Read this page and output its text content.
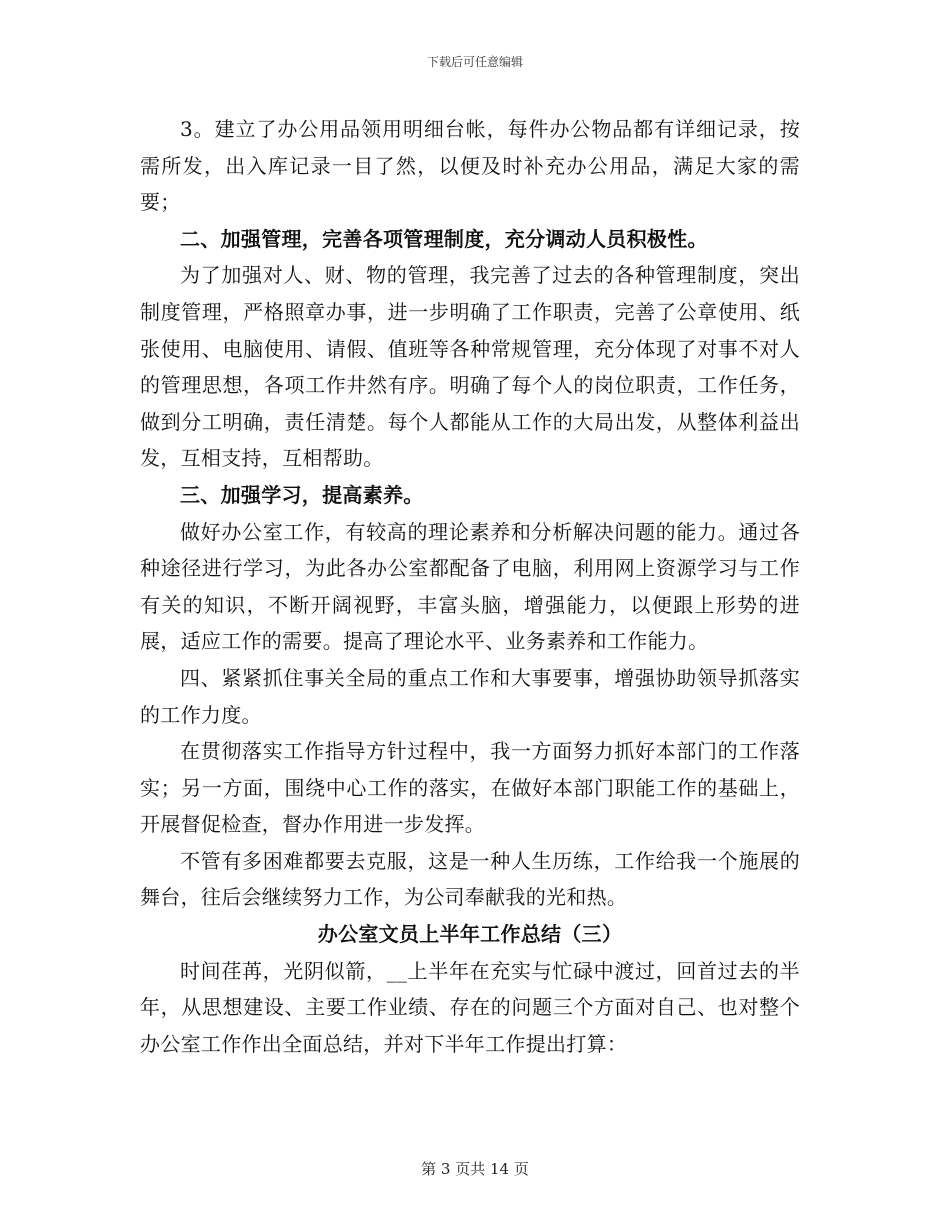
下载后可任意编辑

3。建立了办公用品领用明细台帐，每件办公物品都有详细记录，按需所发，出入库记录一目了然，以便及时补充办公用品，满足大家的需要；

二、加强管理，完善各项管理制度，充分调动人员积极性。

为了加强对人、财、物的管理，我完善了过去的各种管理制度，突出制度管理，严格照章办事，进一步明确了工作职责，完善了公章使用、纸张使用、电脑使用、请假、值班等各种常规管理，充分体现了对事不对人的管理思想，各项工作井然有序。明确了每个人的岗位职责，工作任务，做到分工明确，责任清楚。每个人都能从工作的大局出发，从整体利益出发，互相支持，互相帮助。

三、加强学习，提高素养。

做好办公室工作，有较高的理论素养和分析解决问题的能力。通过各种途径进行学习，为此各办公室都配备了电脑，利用网上资源学习与工作有关的知识，不断开阔视野，丰富头脑，增强能力，以便跟上形势的进展，适应工作的需要。提高了理论水平、业务素养和工作能力。

四、紧紧抓住事关全局的重点工作和大事要事，增强协助领导抓落实的工作力度。

在贯彻落实工作指导方针过程中，我一方面努力抓好本部门的工作落实；另一方面，围绕中心工作的落实，在做好本部门职能工作的基础上，开展督促检查，督办作用进一步发挥。

不管有多困难都要去克服，这是一种人生历练，工作给我一个施展的舞台，往后会继续努力工作，为公司奉献我的光和热。

办公室文员上半年工作总结（三）

时间荏苒，光阴似箭，__上半年在充实与忙碌中渡过，回首过去的半年，从思想建设、主要工作业绩、存在的问题三个方面对自己、也对整个办公室工作作出全面总结，并对下半年工作提出打算：

第 3 页共 14 页
